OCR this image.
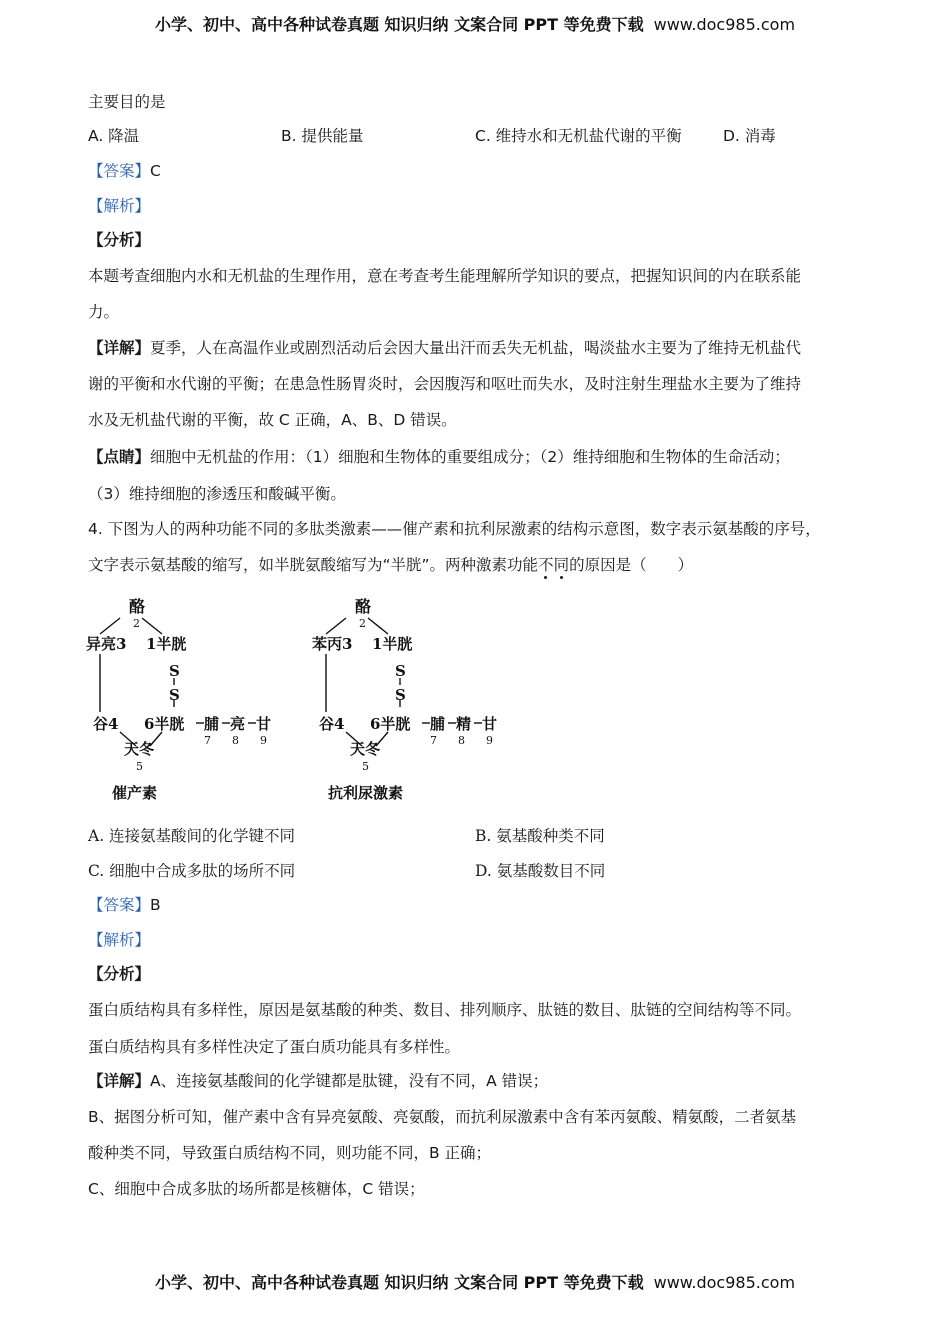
小学、初中、高中各种试卷真题 知识归纳 文案合同 PPT 等免费下载 www.doc985.com
主要目的是
A. 降温	B. 提供能量	C. 维持水和无机盐代谢的平衡	D. 消毒
【答案】C
【解析】
【分析】
本题考查细胞内水和无机盐的生理作用，意在考查考生能理解所学知识的要点，把握知识间的内在联系能
力。
【详解】夏季，人在高温作业或剧烈活动后会因大量出汗而丢失无机盐，喝淡盐水主要为了维持无机盐代
谢的平衡和水代谢的平衡；在患急性肠胃炎时，会因腹泻和呕吐而失水，及时注射生理盐水主要为了维持
水及无机盐代谢的平衡，故 C 正确，A、B、D 错误。
【点睛】细胞中无机盐的作用：（1）细胞和生物体的重要组成分；（2）维持细胞和生物体的生命活动；
（3）维持细胞的渗透压和酸碱平衡。
4. 下图为人的两种功能不同的多肽类激素——催产素和抗利尿激素的结构示意图，数字表示氨基酸的序号，
文字表示氨基酸的缩写，如半胱氨酸缩写为“半胱”。两种激素功能不同的原因是（　　）
酪
2
异亮3 1半胱
S
S
谷4 6半胱 脯 亮 甘
7 8 9
天冬
5
催产素
酪
2
苯丙3 1半胱
S
S
谷4 6半胱 脯 精 甘
7 8 9
天冬
5
抗利尿激素
A. 连接氨基酸间的化学键不同	B. 氨基酸种类不同
C. 细胞中合成多肽的场所不同	D. 氨基酸数目不同
【答案】B
【解析】
【分析】
蛋白质结构具有多样性，原因是氨基酸的种类、数目、排列顺序、肽链的数目、肽链的空间结构等不同。
蛋白质结构具有多样性决定了蛋白质功能具有多样性。
【详解】A、连接氨基酸间的化学键都是肽键，没有不同，A 错误；
B、据图分析可知，催产素中含有异亮氨酸、亮氨酸，而抗利尿激素中含有苯丙氨酸、精氨酸，二者氨基
酸种类不同，导致蛋白质结构不同，则功能不同，B 正确；
C、细胞中合成多肽的场所都是核糖体，C 错误；
小学、初中、高中各种试卷真题 知识归纳 文案合同 PPT 等免费下载 www.doc985.com
